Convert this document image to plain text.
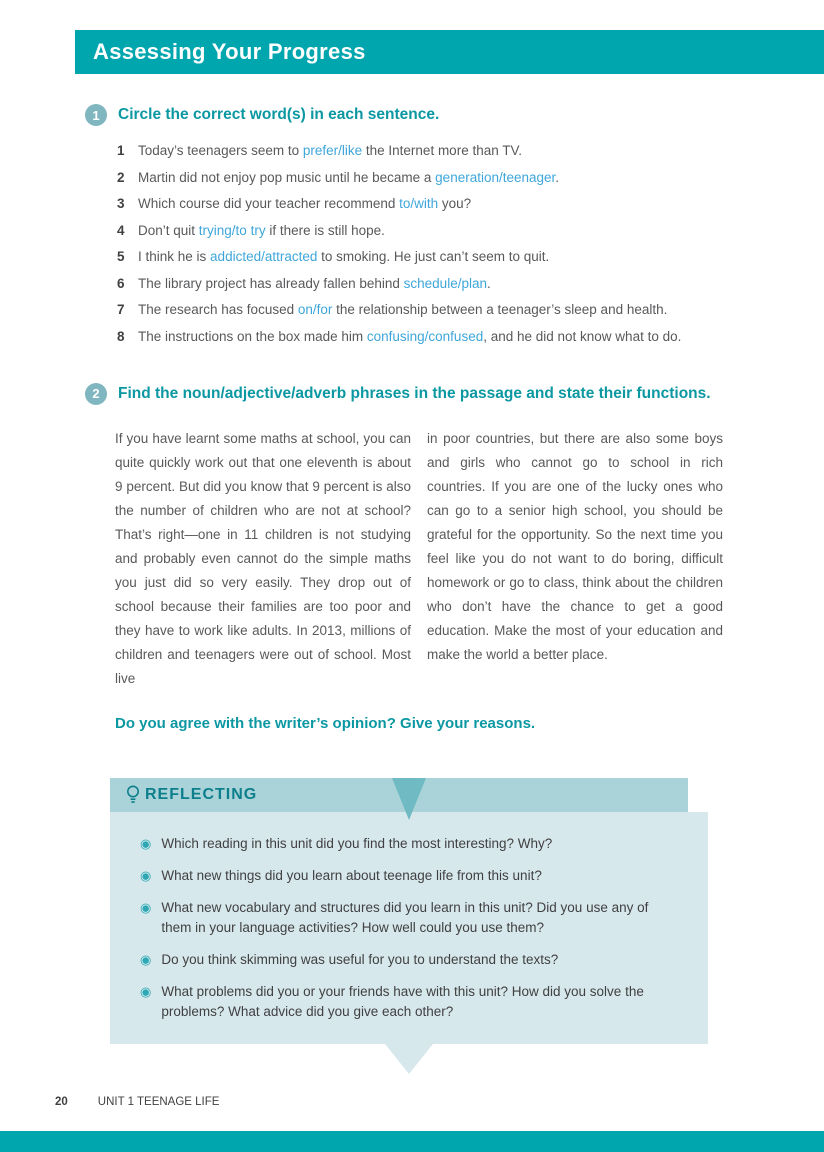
Assessing Your Progress
1	Circle the correct word(s) in each sentence.
1 Today’s teenagers seem to prefer/like the Internet more than TV.
2 Martin did not enjoy pop music until he became a generation/teenager.
3 Which course did your teacher recommend to/with you?
4 Don’t quit trying/to try if there is still hope.
5 I think he is addicted/attracted to smoking. He just can’t seem to quit.
6 The library project has already fallen behind schedule/plan.
7 The research has focused on/for the relationship between a teenager’s sleep and health.
8 The instructions on the box made him confusing/confused, and he did not know what to do.
2	Find the noun/adjective/adverb phrases in the passage and state their functions.
If you have learnt some maths at school, you can quite quickly work out that one eleventh is about 9 percent. But did you know that 9 percent is also the number of children who are not at school? That’s right—one in 11 children is not studying and probably even cannot do the simple maths you just did so very easily. They drop out of school because their families are too poor and they have to work like adults. In 2013, millions of children and teenagers were out of school. Most live
in poor countries, but there are also some boys and girls who cannot go to school in rich countries. If you are one of the lucky ones who can go to a senior high school, you should be grateful for the opportunity. So the next time you feel like you do not want to do boring, difficult homework or go to class, think about the children who don’t have the chance to get a good education. Make the most of your education and make the world a better place.
Do you agree with the writer’s opinion? Give your reasons.
REFLECTING
◉ Which reading in this unit did you find the most interesting? Why?
◉ What new things did you learn about teenage life from this unit?
◉ What new vocabulary and structures did you learn in this unit? Did you use any of them in your language activities? How well could you use them?
◉ Do you think skimming was useful for you to understand the texts?
◉ What problems did you or your friends have with this unit? How did you solve the problems? What advice did you give each other?
20	UNIT 1 TEENAGE LIFE
